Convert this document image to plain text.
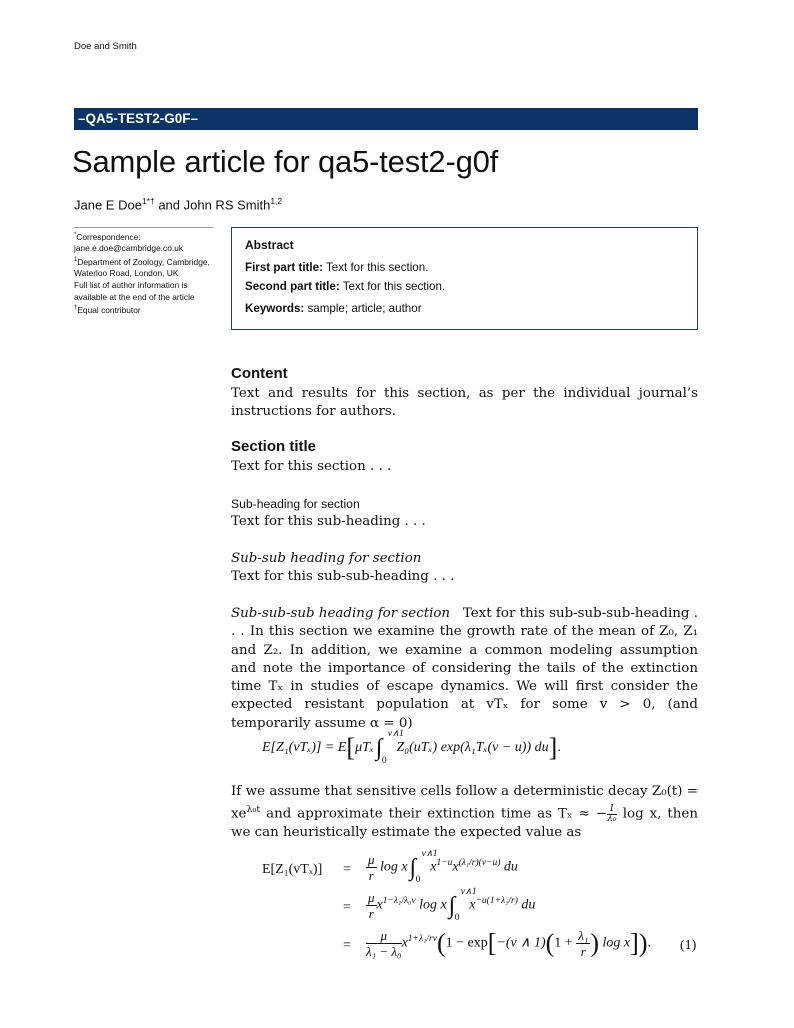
Doe and Smith
–QA5-TEST2-G0F–
Sample article for qa5-test2-g0f
Jane E Doe$^{1*\dagger}$ and John RS Smith$^{1,2}$
*Correspondence:
jane.e.doe@cambridge.co.uk
$^1$Department of Zoology, Cambridge, Waterloo Road, London, UK
Full list of author information is available at the end of the article
†Equal contributor
Abstract
First part title: Text for this section.
Second part title: Text for this section.
Keywords: sample; article; author
Content
Text and results for this section, as per the individual journal’s instructions for authors.
Section title
Text for this section . . .
Sub-heading for section
Text for this sub-heading . . .
Sub-sub heading for section
Text for this sub-sub-heading . . .
Sub-sub-sub heading for section Text for this sub-sub-sub-heading . . . In this section we examine the growth rate of the mean of Z₀, Z₁ and Z₂. In addition, we examine a common modeling assumption and note the importance of considering the tails of the extinction time Tₓ in studies of escape dynamics. We will first consider the expected resistant population at vTₓ for some v > 0, (and temporarily assume α = 0)
E[Z₁(vTₓ)] = E[μTₓ∫
v∧1
0
Z₀(uTₓ) exp(λ₁Tₓ(v − u)) du].
If we assume that sensitive cells follow a deterministic decay $Z_0(t) = xe^{\lambda_0t}$ and approximate their extinction time as Tₓ ≈ − $\frac{1}{\text{λ₀}}$ log x, then we can heuristically estimate the expected value as
E[Z₁(vTₓ)] =
=
=
$\frac{\mu}{r}$ log x∫
v∧1
0
$x^{1-u}x^{(\lambda_1/r)(v-u)}$ du
$\frac{\mu}{r} x^{1-\lambda_1/\lambda_0v}$ log x∫
v∧1
0
$x^{-u(1+\lambda_1/r)}$ du
$\frac{\mu}{\text{λ₁ − λ₀}} x^{1+\lambda_1/rv}(1 - \exp[-(v$ ∧ $1)(1 + \frac{\text{λ₁}}{r}$ ) log x]). (1)
